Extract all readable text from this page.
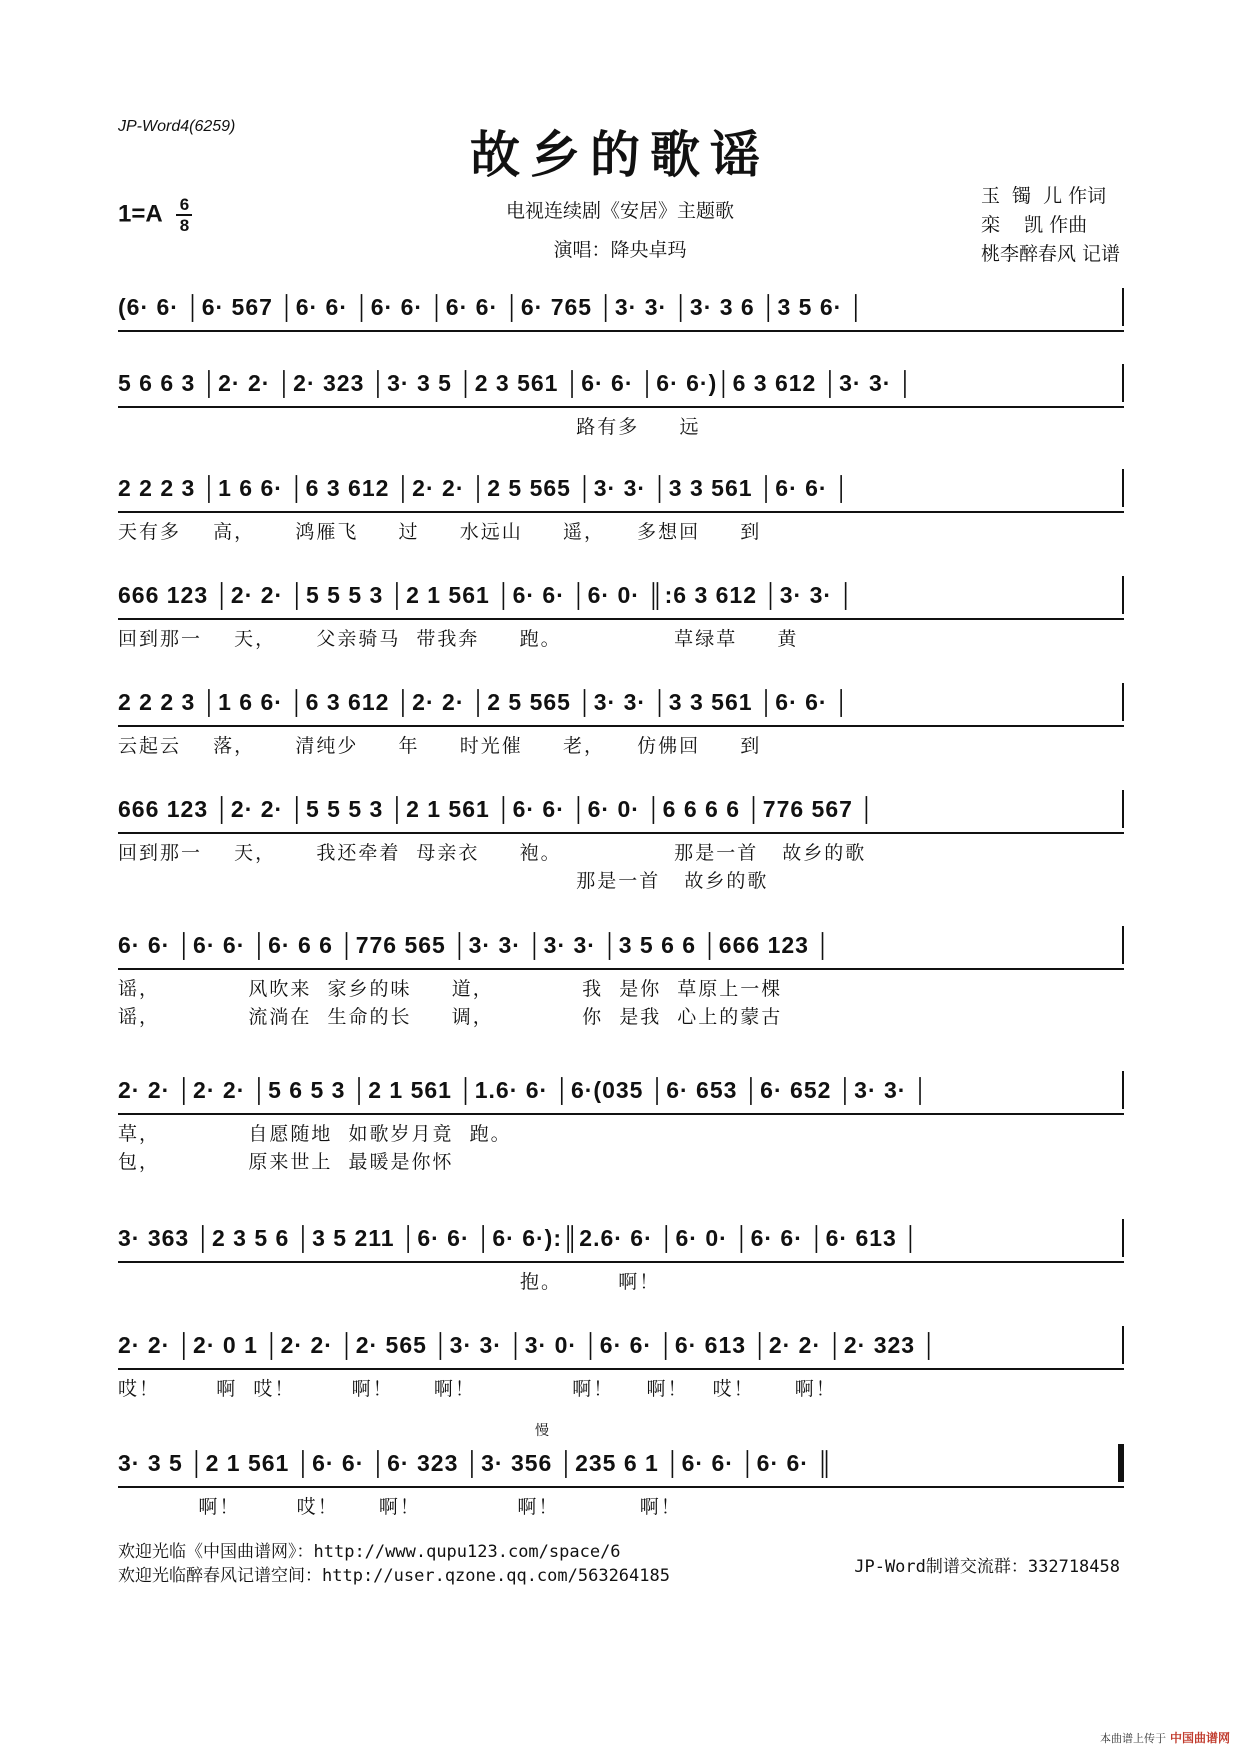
JP-Word4(6259)	故乡的歌谣
$1=A \frac{6}{8}$	电视连续剧《安居》主题歌
演唱：降央卓玛
玉  镯  儿 作词
栾    凯 作曲
桃李醉春风 记谱
(6· 6· │6· 567 │6· 6· │6· 6· │6· 6· │6· 765 │3· 3· │3· 3 6 │3 5 6· │
5 6 6 3 │2· 2· │2· 323 │3· 3 5 │2 3 561 │6· 6· │6· 6·)│6 3 612 │3· 3· │
路有多     远
2 2 2 3 │1 6 6· │6 3 612 │2· 2· │2 5 565 │3· 3· │3 3 561 │6· 6· │
天有多    高，     鸿雁飞     过     水远山     遥，    多想回     到
666 123 │2· 2· │5 5 5 3 │2 1 561 │6· 6· │6· 0· ║:6 3 612 │3· 3· │
回到那一    天，     父亲骑马  带我奔     跑。              草绿草     黄
2 2 2 3 │1 6 6· │6 3 612 │2· 2· │2 5 565 │3· 3· │3 3 561 │6· 6· │
云起云    落，     清纯少     年     时光催     老，    仿佛回     到
666 123 │2· 2· │5 5 5 3 │2 1 561 │6· 6· │6· 0· │6 6 6 6 │776 567 │
回到那一    天，     我还牵着  母亲衣     袍。              那是一首   故乡的歌
那是一首   故乡的歌
6· 6· │6· 6· │6· 6 6 │776 565 │3· 3· │3· 3· │3 5 6 6 │666 123 │
谣，           风吹来  家乡的味     道，           我  是你  草原上一棵
谣，           流淌在  生命的长     调，           你  是我  心上的蒙古
2· 2· │2· 2· │5 6 5 3 │2 1 561 │1.6· 6· │6·(035 │6· 653 │6· 652 │3· 3· │
草，           自愿随地  如歌岁月竟  跑。
包，           原来世上  最暖是你怀
3· 363 │2 3 5 6 │3 5 211 │6· 6· │6· 6·):║2.6· 6· │6· 0· │6· 6· │6· 613 │
抱。       啊！
2· 2· │2· 0 1 │2· 2· │2· 565 │3· 3· │3· 0· │6· 6· │6· 613 │2· 2· │2· 323 │
哎！       啊  哎！       啊！     啊！            啊！    啊！   哎！     啊！
慢
3· 3 5 │2 1 561 │6· 6· │6· 323 │3· 356 │235 6 1 │6· 6· │6· 6· ║
啊！       哎！     啊！            啊！          啊！
欢迎光临《中国曲谱网》：http://www.qupu123.com/space/6
欢迎光临醉春风记谱空间：http://user.qzone.qq.com/563264185	JP-Word制谱交流群：332718458
本曲谱上传于 中国曲谱网
